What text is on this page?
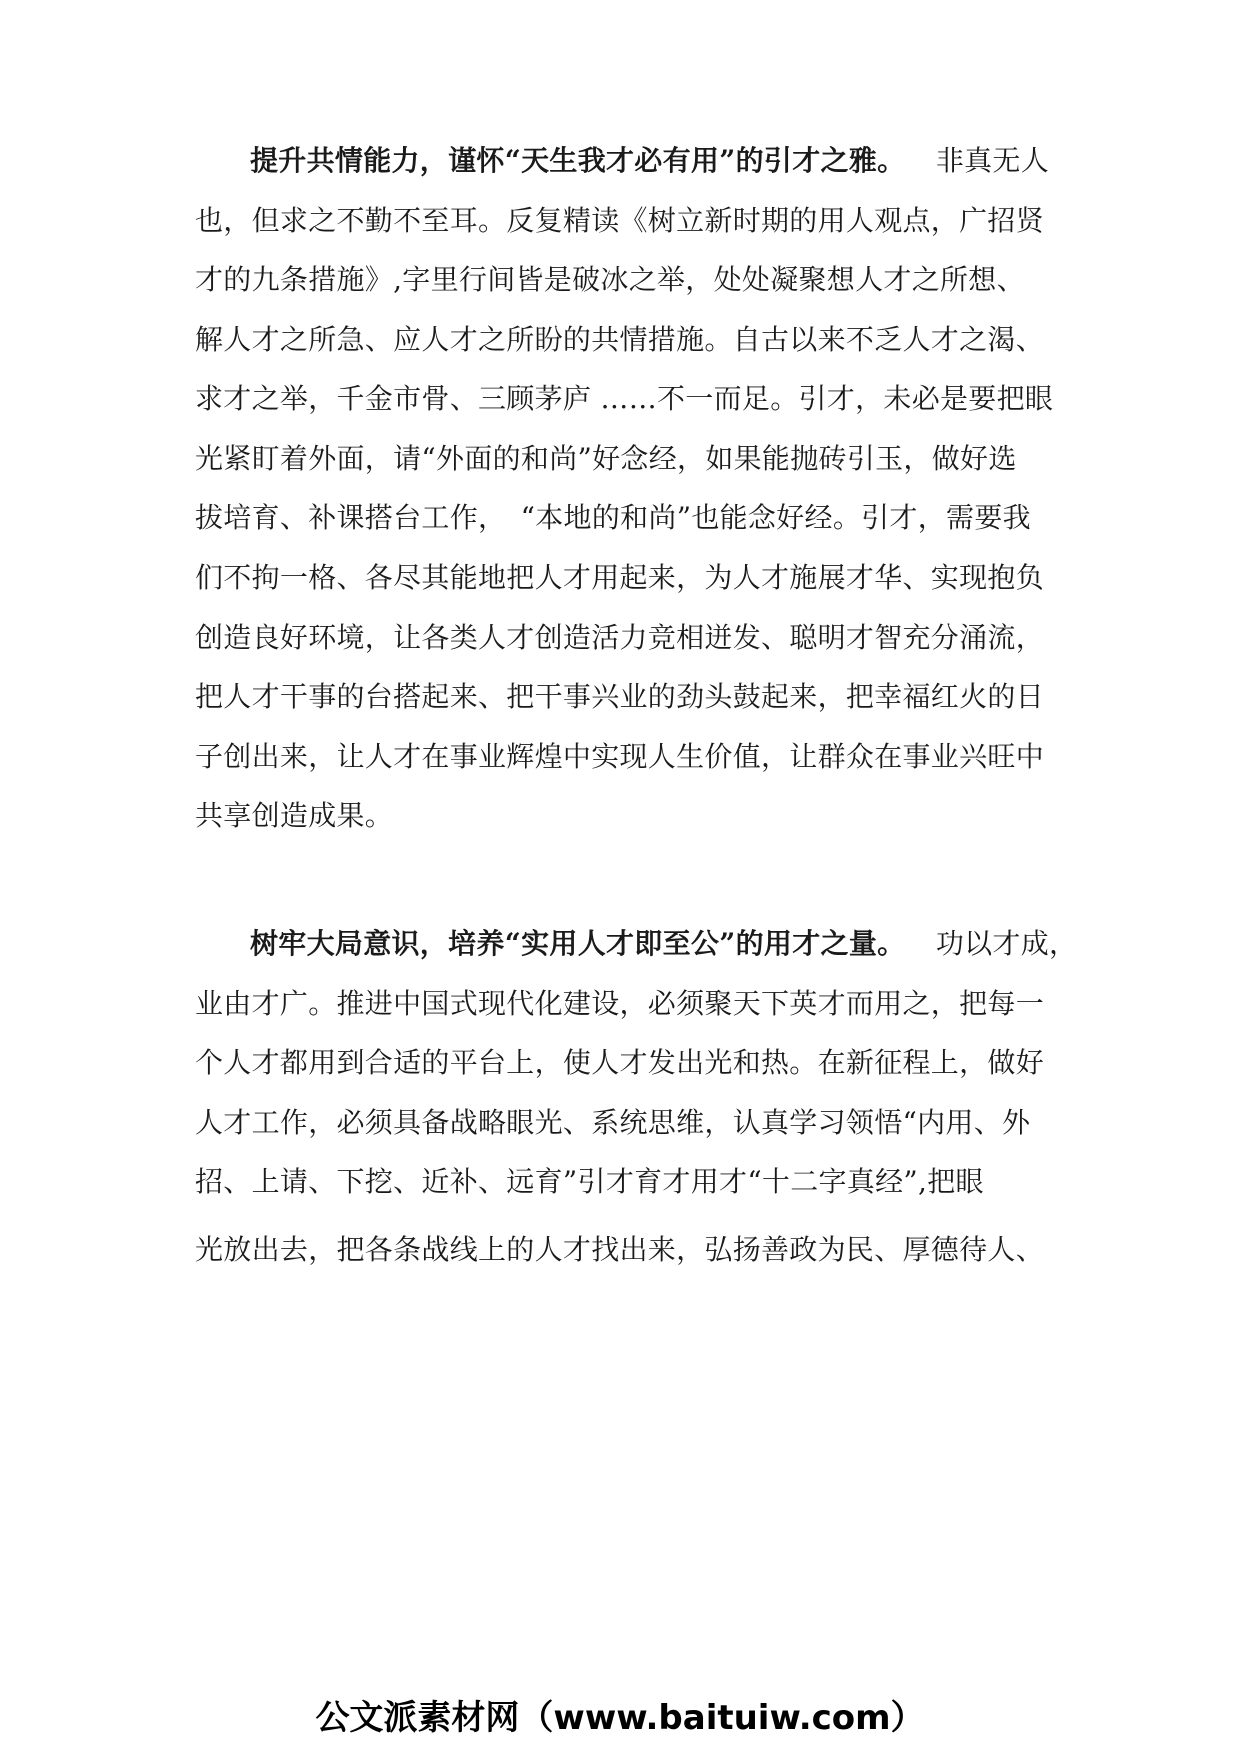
提升共情能力，谨怀“天生我才必有用”的引才之雅。 非真无人
也，但求之不勤不至耳。反复精读《树立新时期的用人观点，广招贤
才的九条措施》,字里行间皆是破冰之举，处处凝聚想人才之所想、
解人才之所急、应人才之所盼的共情措施。自古以来不乏人才之渴、
求才之举，千金市骨、三顾茅庐 ……不一而足。引才，未必是要把眼
光紧盯着外面，请“外面的和尚”好念经，如果能抛砖引玉，做好选
拔培育、补课搭台工作，　“本地的和尚”也能念好经。引才，需要我
们不拘一格、各尽其能地把人才用起来，为人才施展才华、实现抱负
创造良好环境，让各类人才创造活力竞相迸发、聪明才智充分涌流，
把人才干事的台搭起来、把干事兴业的劲头鼓起来，把幸福红火的日
子创出来，让人才在事业辉煌中实现人生价值，让群众在事业兴旺中
共享创造成果。
树牢大局意识，培养“实用人才即至公”的用才之量。 功以才成，
业由才广。推进中国式现代化建设，必须聚天下英才而用之，把每一
个人才都用到合适的平台上，使人才发出光和热。在新征程上，做好
人才工作，必须具备战略眼光、系统思维，认真学习领悟“内用、外
招、上请、下挖、近补、远育”引才育才用才“十二字真经”,把眼
光放出去，把各条战线上的人才找出来，弘扬善政为民、厚德待人、
公文派素材网（www.baituiw.com）
